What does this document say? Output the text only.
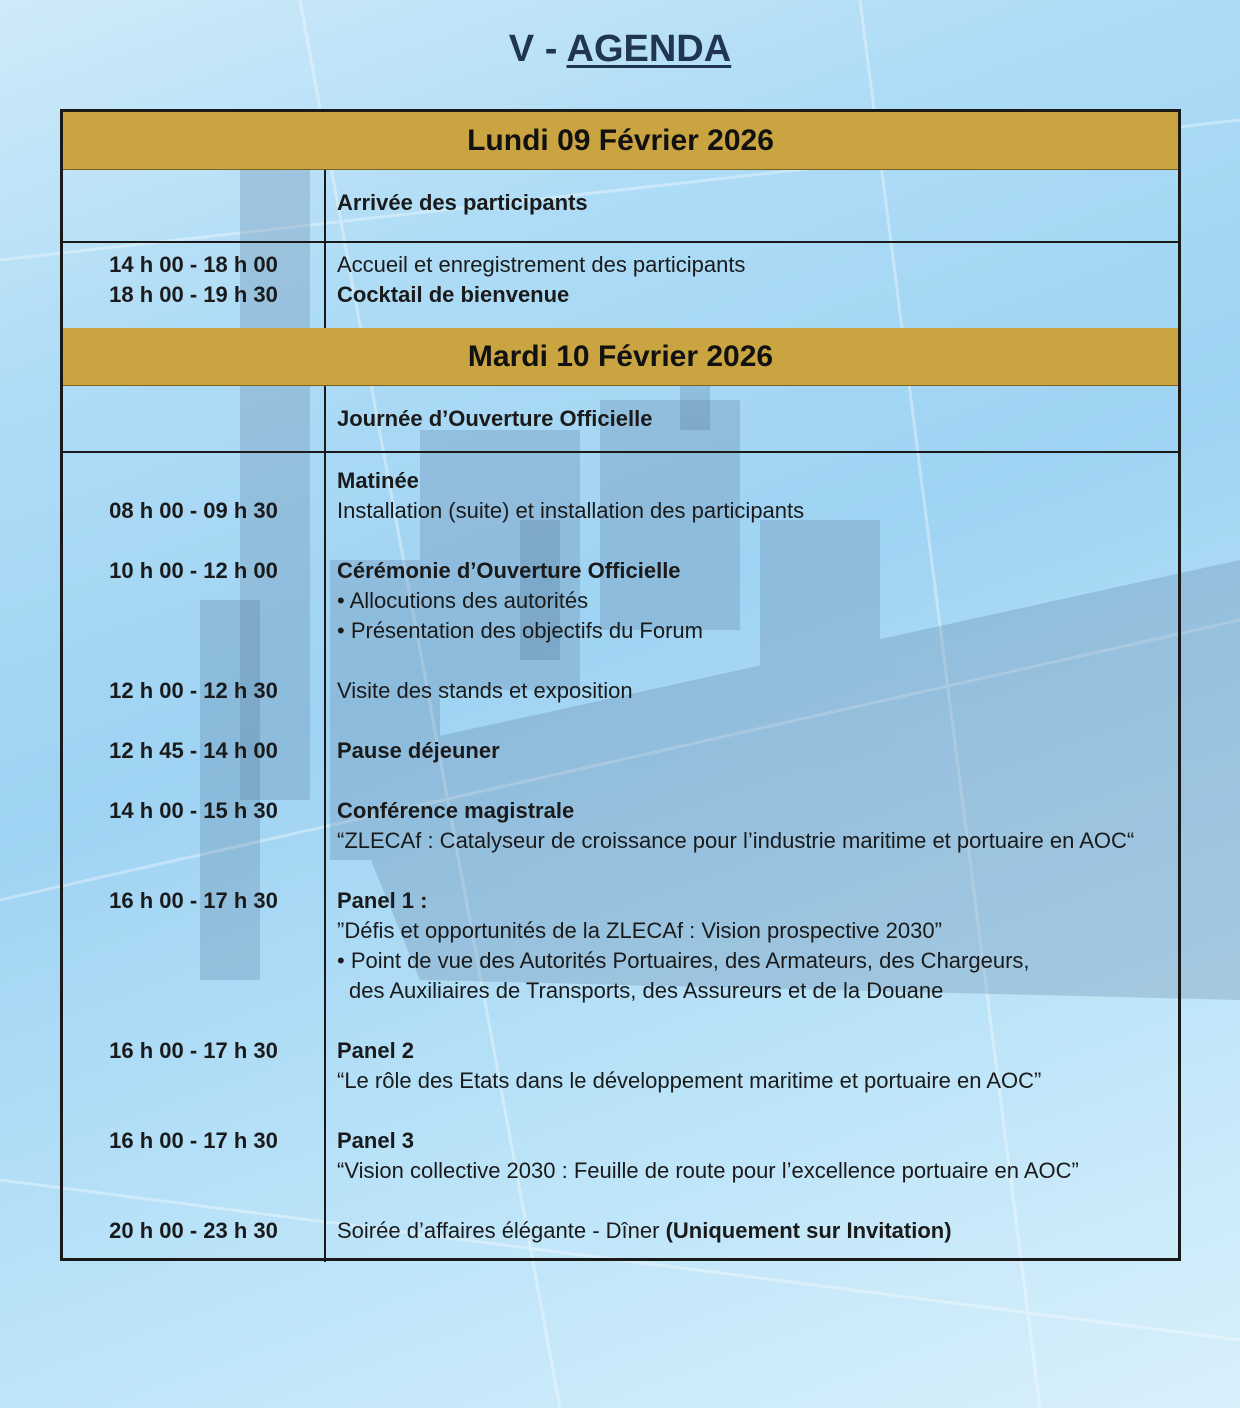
V - AGENDA
Lundi 09 Février 2026
Arrivée des participants
14 h 00 - 18 h 00
18 h 00 - 19 h 30
Accueil et enregistrement des participants
Cocktail de bienvenue
Mardi 10 Février 2026
Journée d’Ouverture Officielle
08 h 00 - 09 h 30
10 h 00 - 12 h 00
12 h 00 - 12 h 30
12 h 45 - 14 h 00
14 h 00 - 15 h 30
16 h 00 - 17 h 30
16 h 00 - 17 h 30
16 h 00 - 17 h 30
20 h 00 - 23 h 30
Matinée
Installation (suite) et installation des participants
Cérémonie d’Ouverture Officielle
• Allocutions des autorités
• Présentation des objectifs du Forum
Visite des stands et exposition
Pause déjeuner
Conférence magistrale
“ZLECAf : Catalyseur de croissance pour l’industrie maritime et portuaire en AOC“
Panel 1 :
”Défis et opportunités de la ZLECAf : Vision prospective 2030”
• Point de vue des Autorités Portuaires, des Armateurs, des Chargeurs,
des Auxiliaires de Transports, des Assureurs et de la Douane
Panel 2
“Le rôle des Etats dans le développement maritime et portuaire en AOC”
Panel 3
“Vision collective 2030 : Feuille de route pour l’excellence portuaire en AOC”
Soirée d’affaires élégante - Dîner (Uniquement sur Invitation)
